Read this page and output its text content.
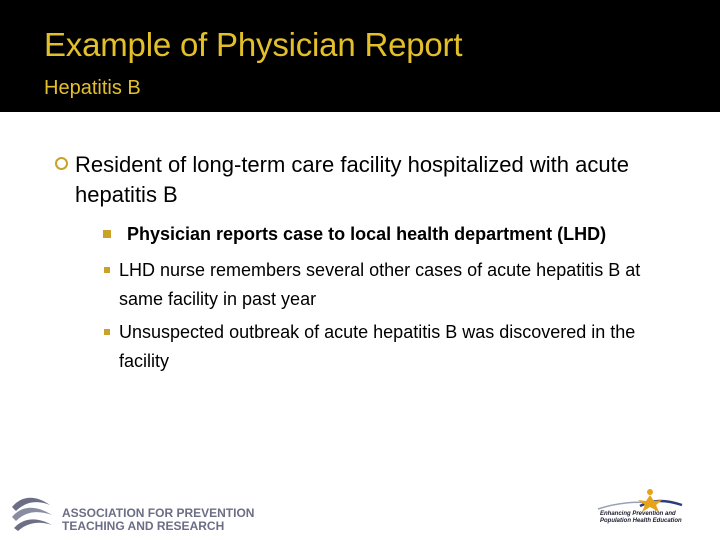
Example of Physician Report
Hepatitis B
Resident of long-term care facility hospitalized with acute hepatitis B
Physician reports case to local health department (LHD)
LHD nurse remembers several other cases of acute hepatitis B at same facility in past year
Unsuspected outbreak of acute hepatitis B was discovered in the facility
ASSOCIATION FOR PREVENTION
TEACHING AND RESEARCH
Enhancing Prevention and
Population Health Education
